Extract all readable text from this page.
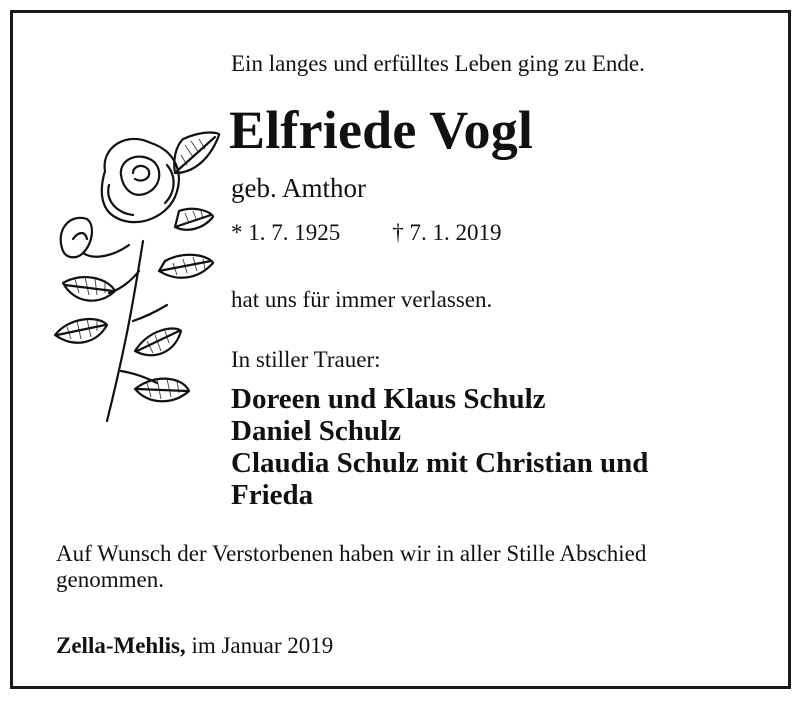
Ein langes und erfülltes Leben ging zu Ende.

Elfriede Vogl

geb. Amthor

* 1. 7. 1925 † 7. 1. 2019

hat uns für immer verlassen.

In stiller Trauer:

Doreen und Klaus Schulz
Daniel Schulz
Claudia Schulz mit Christian und
Frieda

Auf Wunsch der Verstorbenen haben wir in aller Stille Abschied genommen.

Zella-Mehlis, im Januar 2019
